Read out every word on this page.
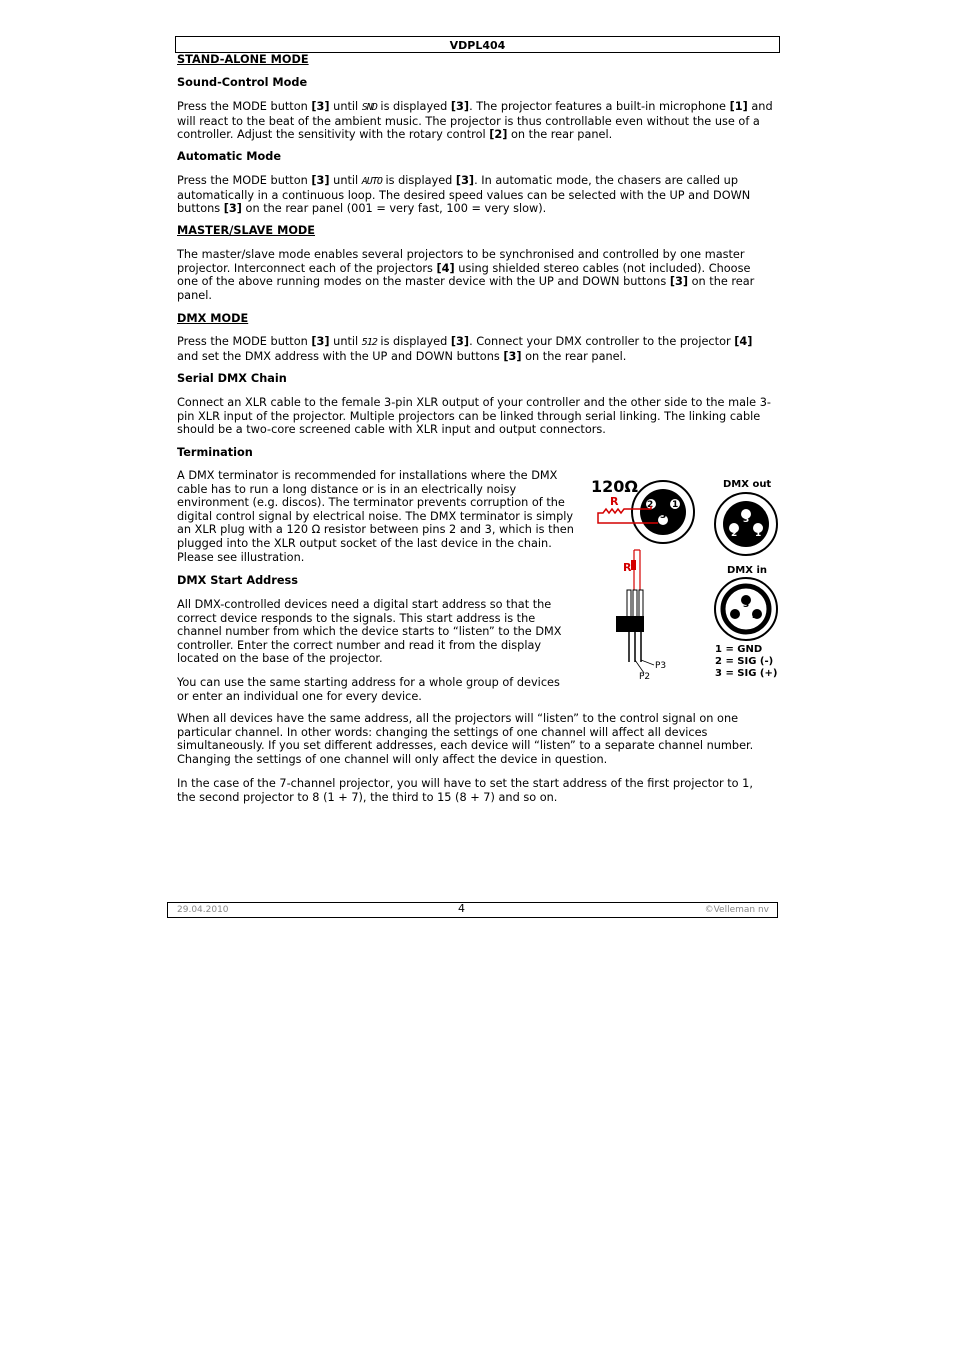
VDPL404

STAND-ALONE MODE

Sound-Control Mode

Press the MODE button [3] until SND is displayed [3]. The projector features a built-in microphone [1] and will react to the beat of the ambient music. The projector is thus controllable even without the use of a controller. Adjust the sensitivity with the rotary control [2] on the rear panel.

Automatic Mode

Press the MODE button [3] until AUTO is displayed [3]. In automatic mode, the chasers are called up automatically in a continuous loop. The desired speed values can be selected with the UP and DOWN buttons [3] on the rear panel (001 = very fast, 100 = very slow).

MASTER/SLAVE MODE

The master/slave mode enables several projectors to be synchronised and controlled by one master projector. Interconnect each of the projectors [4] using shielded stereo cables (not included). Choose one of the above running modes on the master device with the UP and DOWN buttons [3] on the rear panel.

DMX MODE

Press the MODE button [3] until 512 is displayed [3]. Connect your DMX controller to the projector [4] and set the DMX address with the UP and DOWN buttons [3] on the rear panel.

Serial DMX Chain

Connect an XLR cable to the female 3-pin XLR output of your controller and the other side to the male 3-pin XLR input of the projector. Multiple projectors can be linked through serial linking. The linking cable should be a two-core screened cable with XLR input and output connectors.

Termination

A DMX terminator is recommended for installations where the DMX cable has to run a long distance or is in an electrically noisy environment (e.g. discos). The terminator prevents corruption of the digital control signal by electrical noise. The DMX terminator is simply an XLR plug with a 120 Ω resistor between pins 2 and 3, which is then plugged into the XLR output socket of the last device in the chain. Please see illustration.

DMX Start Address

All DMX-controlled devices need a digital start address so that the correct device responds to the signals. This start address is the channel number from which the device starts to “listen” to the DMX controller. Enter the correct number and read it from the display located on the base of the projector.

You can use the same starting address for a whole group of devices or enter an individual one for every device.

When all devices have the same address, all the projectors will “listen” to the control signal on one particular channel. In other words: changing the settings of one channel will affect all devices simultaneously. If you set different addresses, each device will “listen” to a separate channel number. Changing the settings of one channel will only affect the device in question.

In the case of the 7-channel projector, you will have to set the start address of the first projector to 1, the second projector to 8 (1 + 7), the third to 15 (8 + 7) and so on.

120Ω
R	2 1
3
R
P3
P2
DMX out
3
2 1
DMX in
3
1 2
1 = GND
2 = SIG (-)
3 = SIG (+)
29.04.2010	4	©Velleman nv
